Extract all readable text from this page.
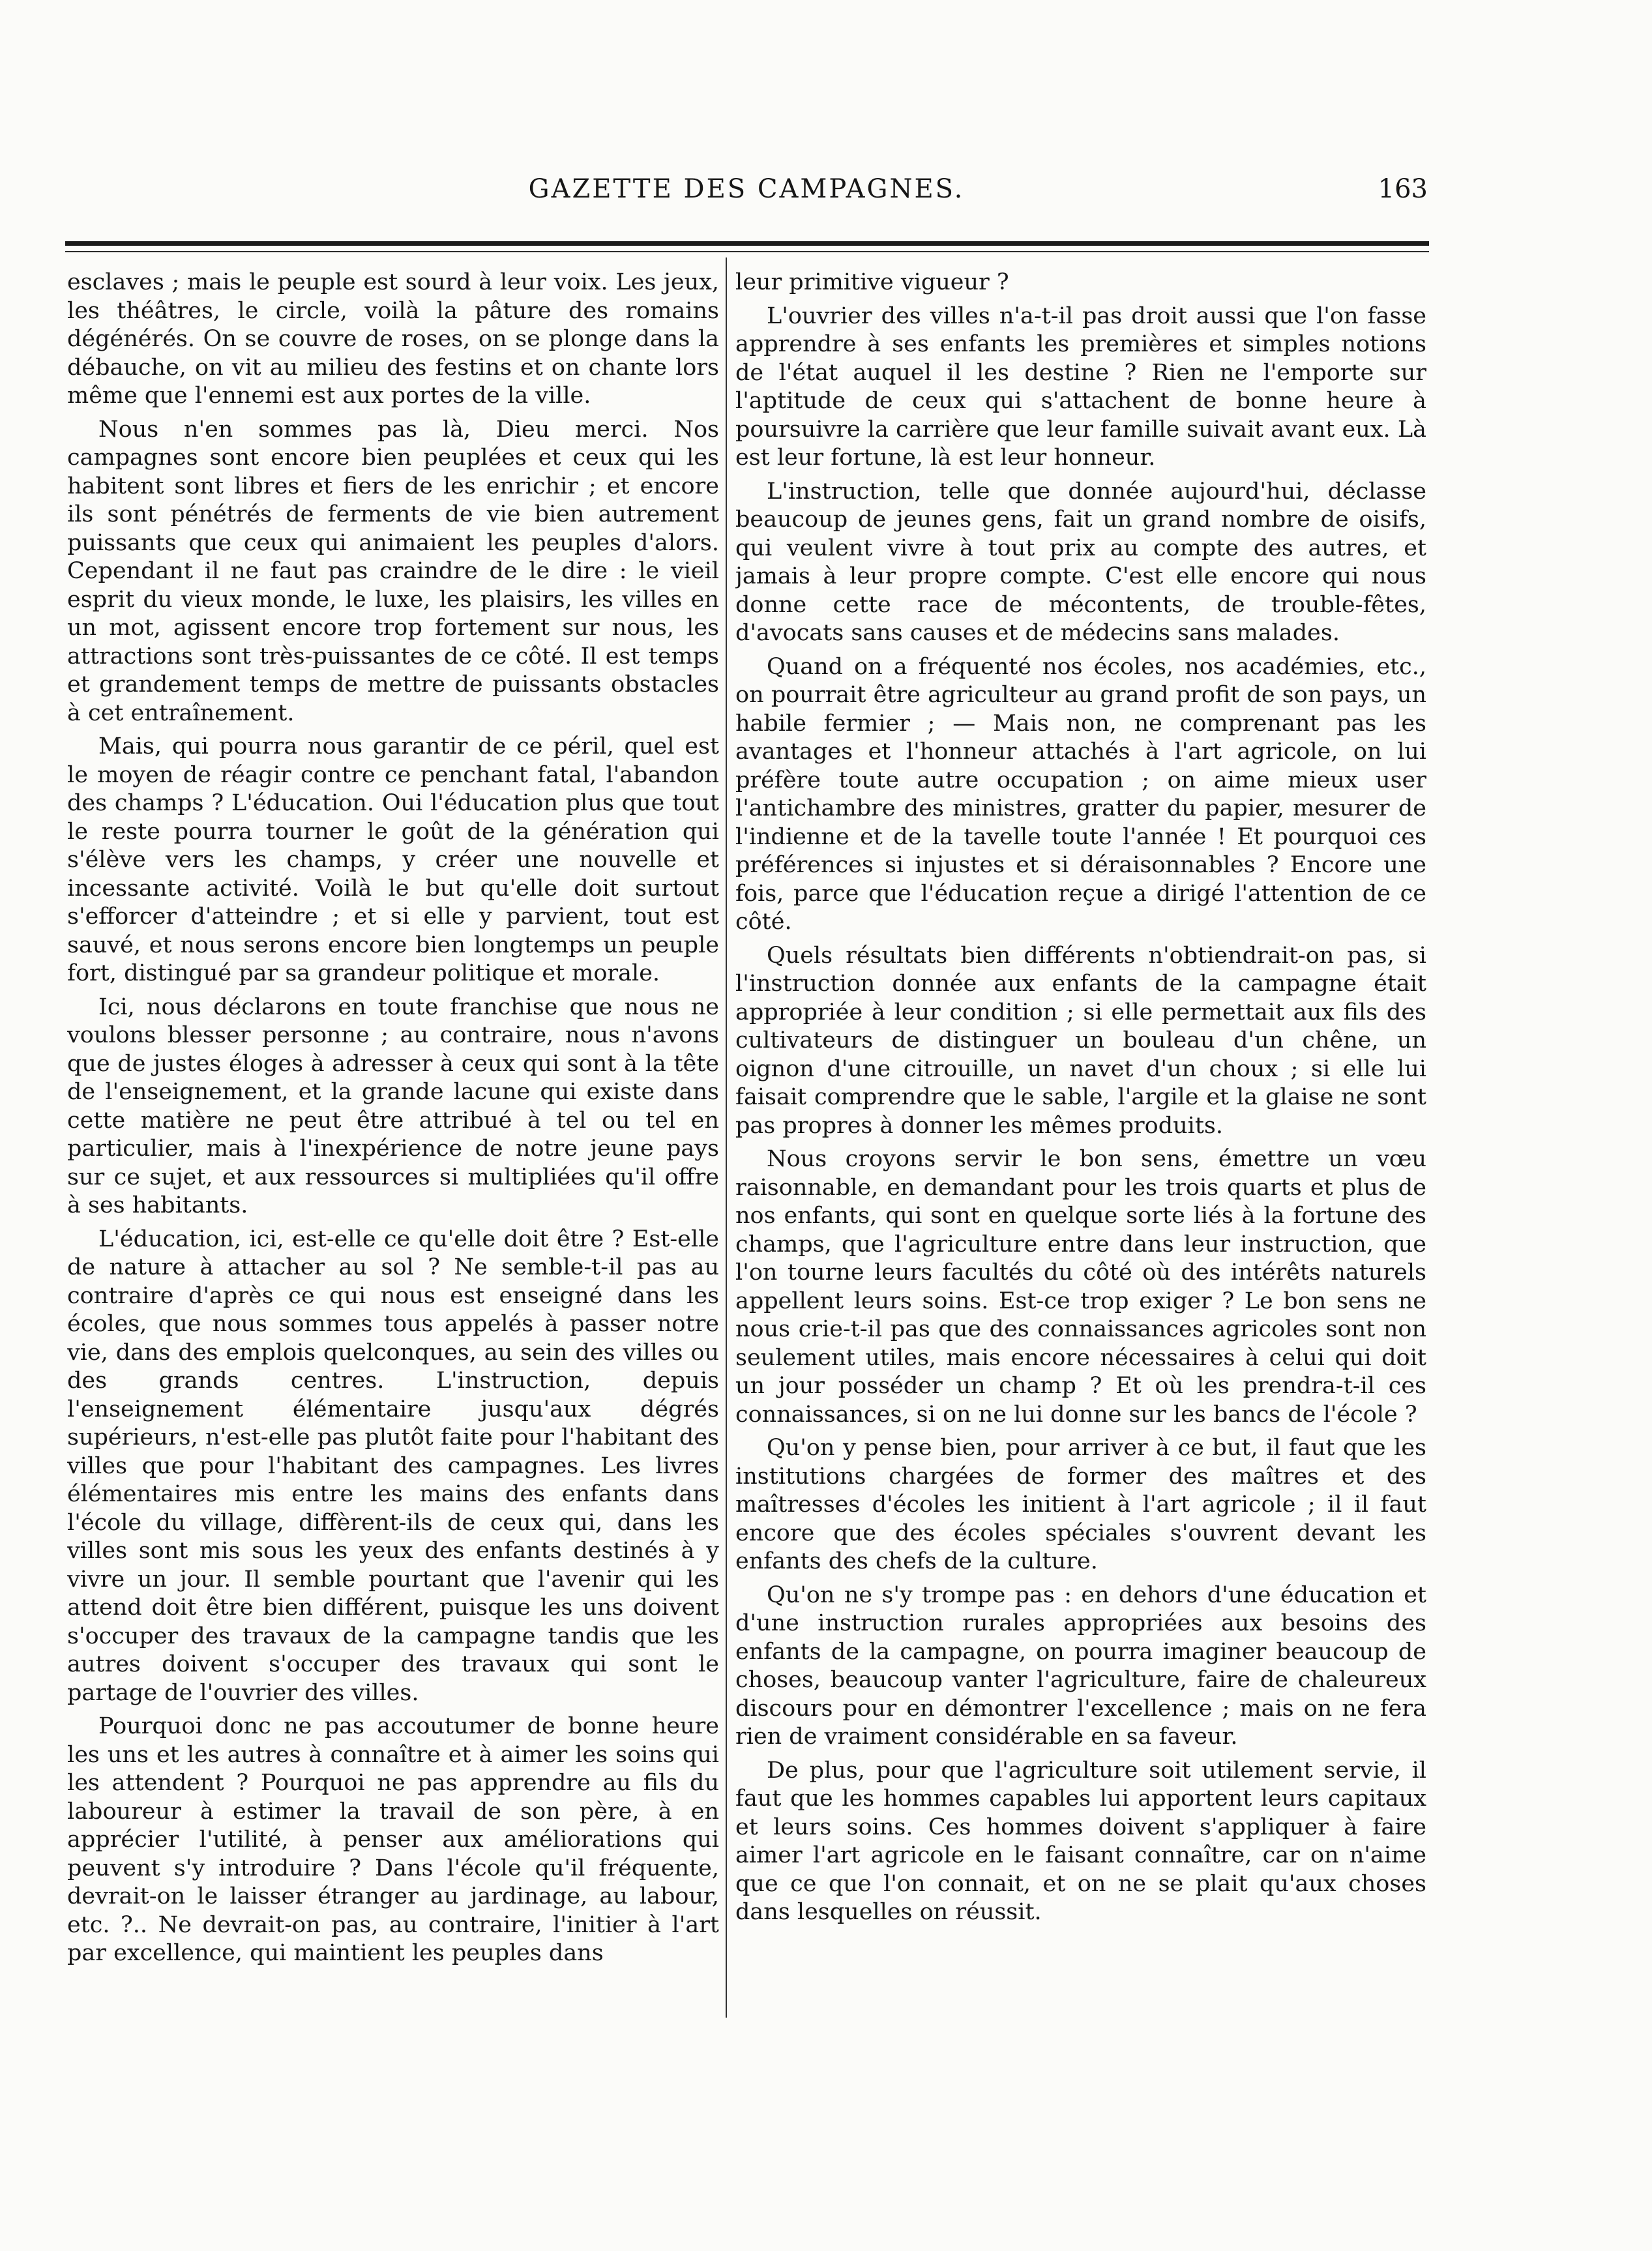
GAZETTE DES CAMPAGNES.	163

esclaves ; mais le peuple est sourd à leur voix. Les jeux, les théâtres, le circle, voilà la pâture des romains dégénérés. On se couvre de roses, on se plonge dans la débauche, on vit au milieu des festins et on chante lors même que l'ennemi est aux portes de la ville.

Nous n'en sommes pas là, Dieu merci. Nos campagnes sont encore bien peuplées et ceux qui les habitent sont libres et fiers de les enrichir ; et encore ils sont pénétrés de ferments de vie bien autrement puissants que ceux qui animaient les peuples d'alors. Cependant il ne faut pas craindre de le dire : le vieil esprit du vieux monde, le luxe, les plaisirs, les villes en un mot, agissent encore trop fortement sur nous, les attractions sont très-puissantes de ce côté. Il est temps et grandement temps de mettre de puissants obstacles à cet entraînement.

Mais, qui pourra nous garantir de ce péril, quel est le moyen de réagir contre ce penchant fatal, l'abandon des champs ? L'éducation. Oui l'éducation plus que tout le reste pourra tourner le goût de la génération qui s'élève vers les champs, y créer une nouvelle et incessante activité. Voilà le but qu'elle doit surtout s'efforcer d'atteindre ; et si elle y parvient, tout est sauvé, et nous serons encore bien longtemps un peuple fort, distingué par sa grandeur politique et morale.

Ici, nous déclarons en toute franchise que nous ne voulons blesser personne ; au contraire, nous n'avons que de justes éloges à adresser à ceux qui sont à la tête de l'enseignement, et la grande lacune qui existe dans cette matière ne peut être attribué à tel ou tel en particulier, mais à l'inexpérience de notre jeune pays sur ce sujet, et aux ressources si multipliées qu'il offre à ses habitants.

L'éducation, ici, est-elle ce qu'elle doit être ? Est-elle de nature à attacher au sol ? Ne semble-t-il pas au contraire d'après ce qui nous est enseigné dans les écoles, que nous sommes tous appelés à passer notre vie, dans des emplois quelconques, au sein des villes ou des grands centres. L'instruction, depuis l'enseignement élémentaire jusqu'aux dégrés supérieurs, n'est-elle pas plutôt faite pour l'habitant des villes que pour l'habitant des campagnes. Les livres élémentaires mis entre les mains des enfants dans l'école du village, diffèrent-ils de ceux qui, dans les villes sont mis sous les yeux des enfants destinés à y vivre un jour. Il semble pourtant que l'avenir qui les attend doit être bien différent, puisque les uns doivent s'occuper des travaux de la campagne tandis que les autres doivent s'occuper des travaux qui sont le partage de l'ouvrier des villes.

Pourquoi donc ne pas accoutumer de bonne heure les uns et les autres à connaître et à aimer les soins qui les attendent ? Pourquoi ne pas apprendre au fils du laboureur à estimer la travail de son père, à en apprécier l'utilité, à penser aux améliorations qui peuvent s'y introduire ? Dans l'école qu'il fréquente, devrait-on le laisser étranger au jardinage, au labour, etc. ?.. Ne devrait-on pas, au contraire, l'initier à l'art par excellence, qui maintient les peuples dans

leur primitive vigueur ?

L'ouvrier des villes n'a-t-il pas droit aussi que l'on fasse apprendre à ses enfants les premières et simples notions de l'état auquel il les destine ? Rien ne l'emporte sur l'aptitude de ceux qui s'attachent de bonne heure à poursuivre la carrière que leur famille suivait avant eux. Là est leur fortune, là est leur honneur.

L'instruction, telle que donnée aujourd'hui, déclasse beaucoup de jeunes gens, fait un grand nombre de oisifs, qui veulent vivre à tout prix au compte des autres, et jamais à leur propre compte. C'est elle encore qui nous donne cette race de mécontents, de trouble-fêtes, d'avocats sans causes et de médecins sans malades.

Quand on a fréquenté nos écoles, nos académies, etc., on pourrait être agriculteur au grand profit de son pays, un habile fermier ; — Mais non, ne comprenant pas les avantages et l'honneur attachés à l'art agricole, on lui préfère toute autre occupation ; on aime mieux user l'antichambre des ministres, gratter du papier, mesurer de l'indienne et de la tavelle toute l'année ! Et pourquoi ces préférences si injustes et si déraisonnables ? Encore une fois, parce que l'éducation reçue a dirigé l'attention de ce côté.

Quels résultats bien différents n'obtiendrait-on pas, si l'instruction donnée aux enfants de la campagne était appropriée à leur condition ; si elle permettait aux fils des cultivateurs de distinguer un bouleau d'un chêne, un oignon d'une citrouille, un navet d'un choux ; si elle lui faisait comprendre que le sable, l'argile et la glaise ne sont pas propres à donner les mêmes produits.

Nous croyons servir le bon sens, émettre un vœu raisonnable, en demandant pour les trois quarts et plus de nos enfants, qui sont en quelque sorte liés à la fortune des champs, que l'agriculture entre dans leur instruction, que l'on tourne leurs facultés du côté où des intérêts naturels appellent leurs soins. Est-ce trop exiger ? Le bon sens ne nous crie-t-il pas que des connaissances agricoles sont non seulement utiles, mais encore nécessaires à celui qui doit un jour posséder un champ ? Et où les prendra-t-il ces connaissances, si on ne lui donne sur les bancs de l'école ?

Qu'on y pense bien, pour arriver à ce but, il faut que les institutions chargées de former des maîtres et des maîtresses d'écoles les initient à l'art agricole ; il il faut encore que des écoles spéciales s'ouvrent devant les enfants des chefs de la culture.

Qu'on ne s'y trompe pas : en dehors d'une éducation et d'une instruction rurales appropriées aux besoins des enfants de la campagne, on pourra imaginer beaucoup de choses, beaucoup vanter l'agriculture, faire de chaleureux discours pour en démontrer l'excellence ; mais on ne fera rien de vraiment considérable en sa faveur.

De plus, pour que l'agriculture soit utilement servie, il faut que les hommes capables lui apportent leurs capitaux et leurs soins. Ces hommes doivent s'appliquer à faire aimer l'art agricole en le faisant connaître, car on n'aime que ce que l'on connait, et on ne se plait qu'aux choses dans lesquelles on réussit.
